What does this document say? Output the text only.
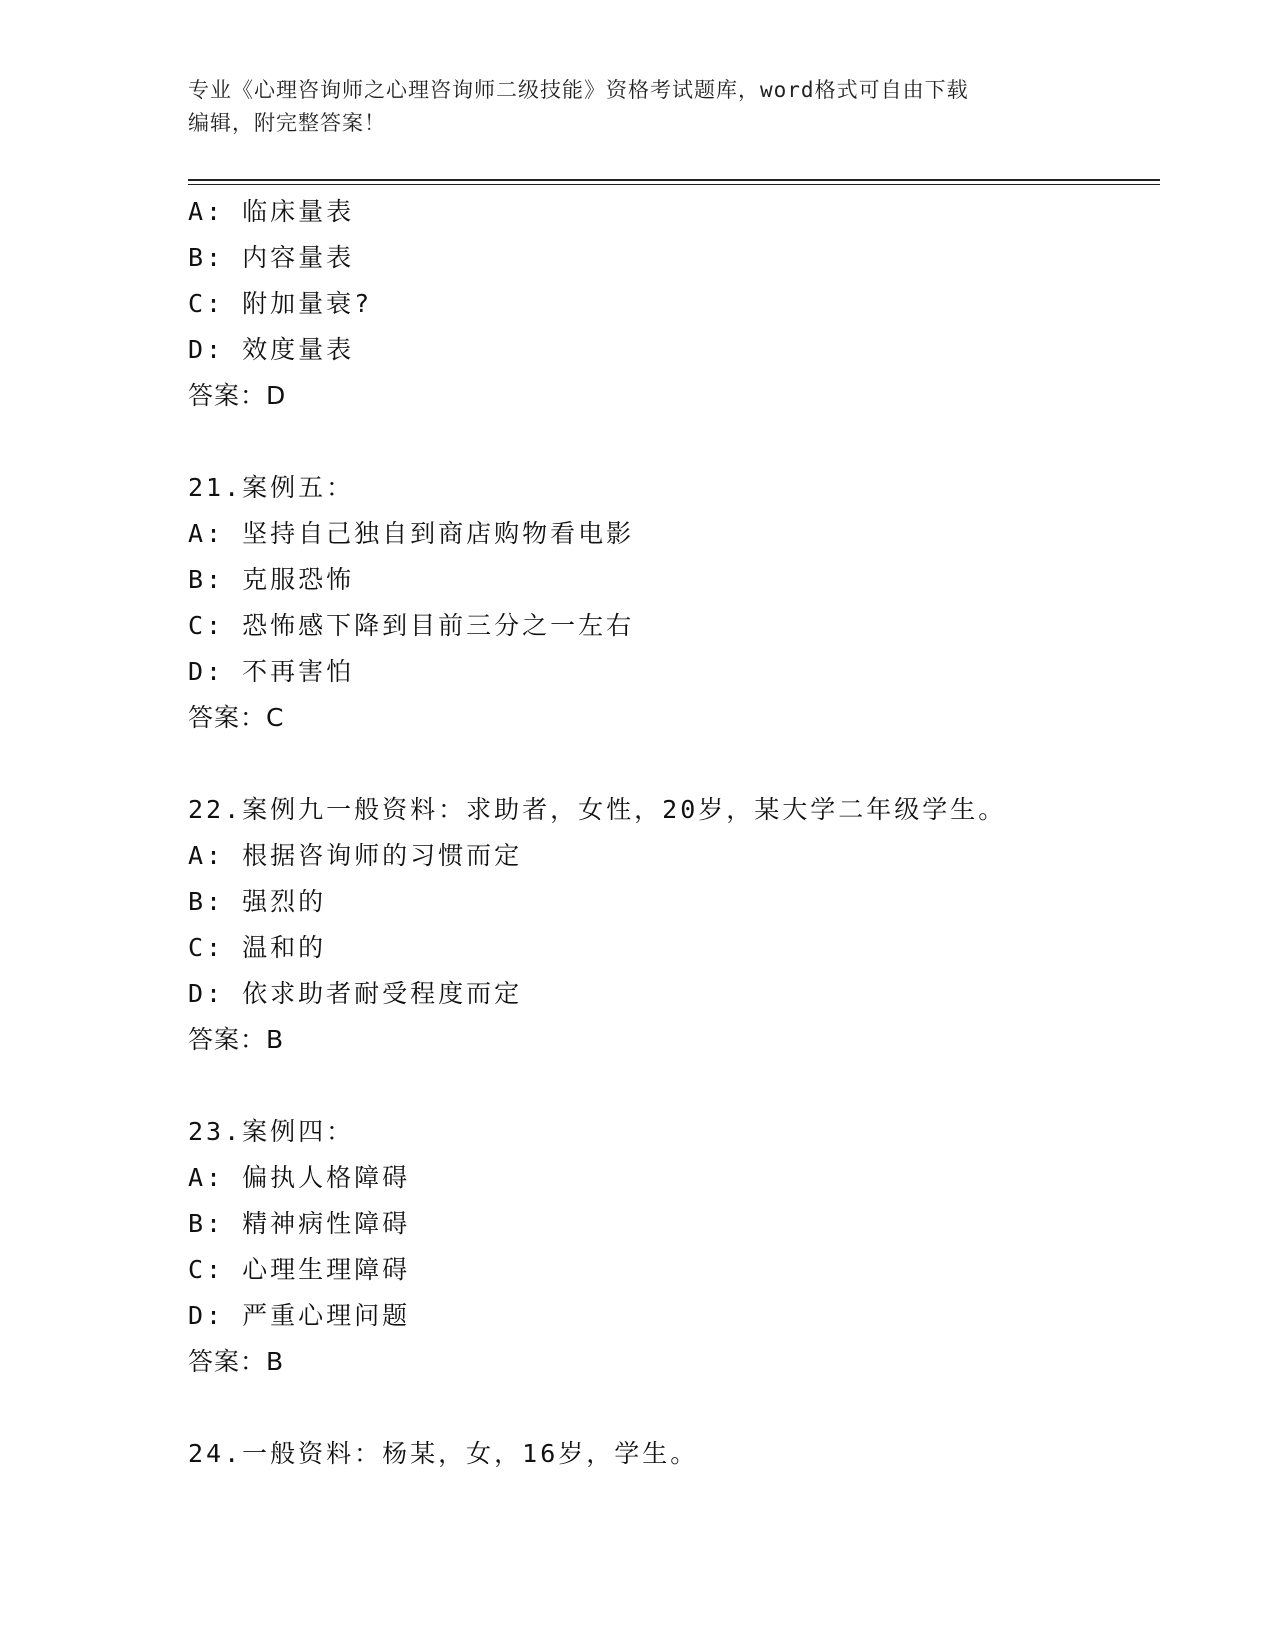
专业《心理咨询师之心理咨询师二级技能》资格考试题库，word格式可自由下载
编辑，附完整答案！
A: 临床量表
B: 内容量表
C: 附加量衰?
D: 效度量表
答案：D
21.案例五：
A: 坚持自己独自到商店购物看电影
B: 克服恐怖
C: 恐怖感下降到目前三分之一左右
D: 不再害怕
答案：C
22.案例九一般资料：求助者，女性，20岁，某大学二年级学生。
A: 根据咨询师的习惯而定
B: 强烈的
C: 温和的
D: 依求助者耐受程度而定
答案：B
23.案例四：
A: 偏执人格障碍
B: 精神病性障碍
C: 心理生理障碍
D: 严重心理问题
答案：B
24.一般资料：杨某，女，16岁，学生。
